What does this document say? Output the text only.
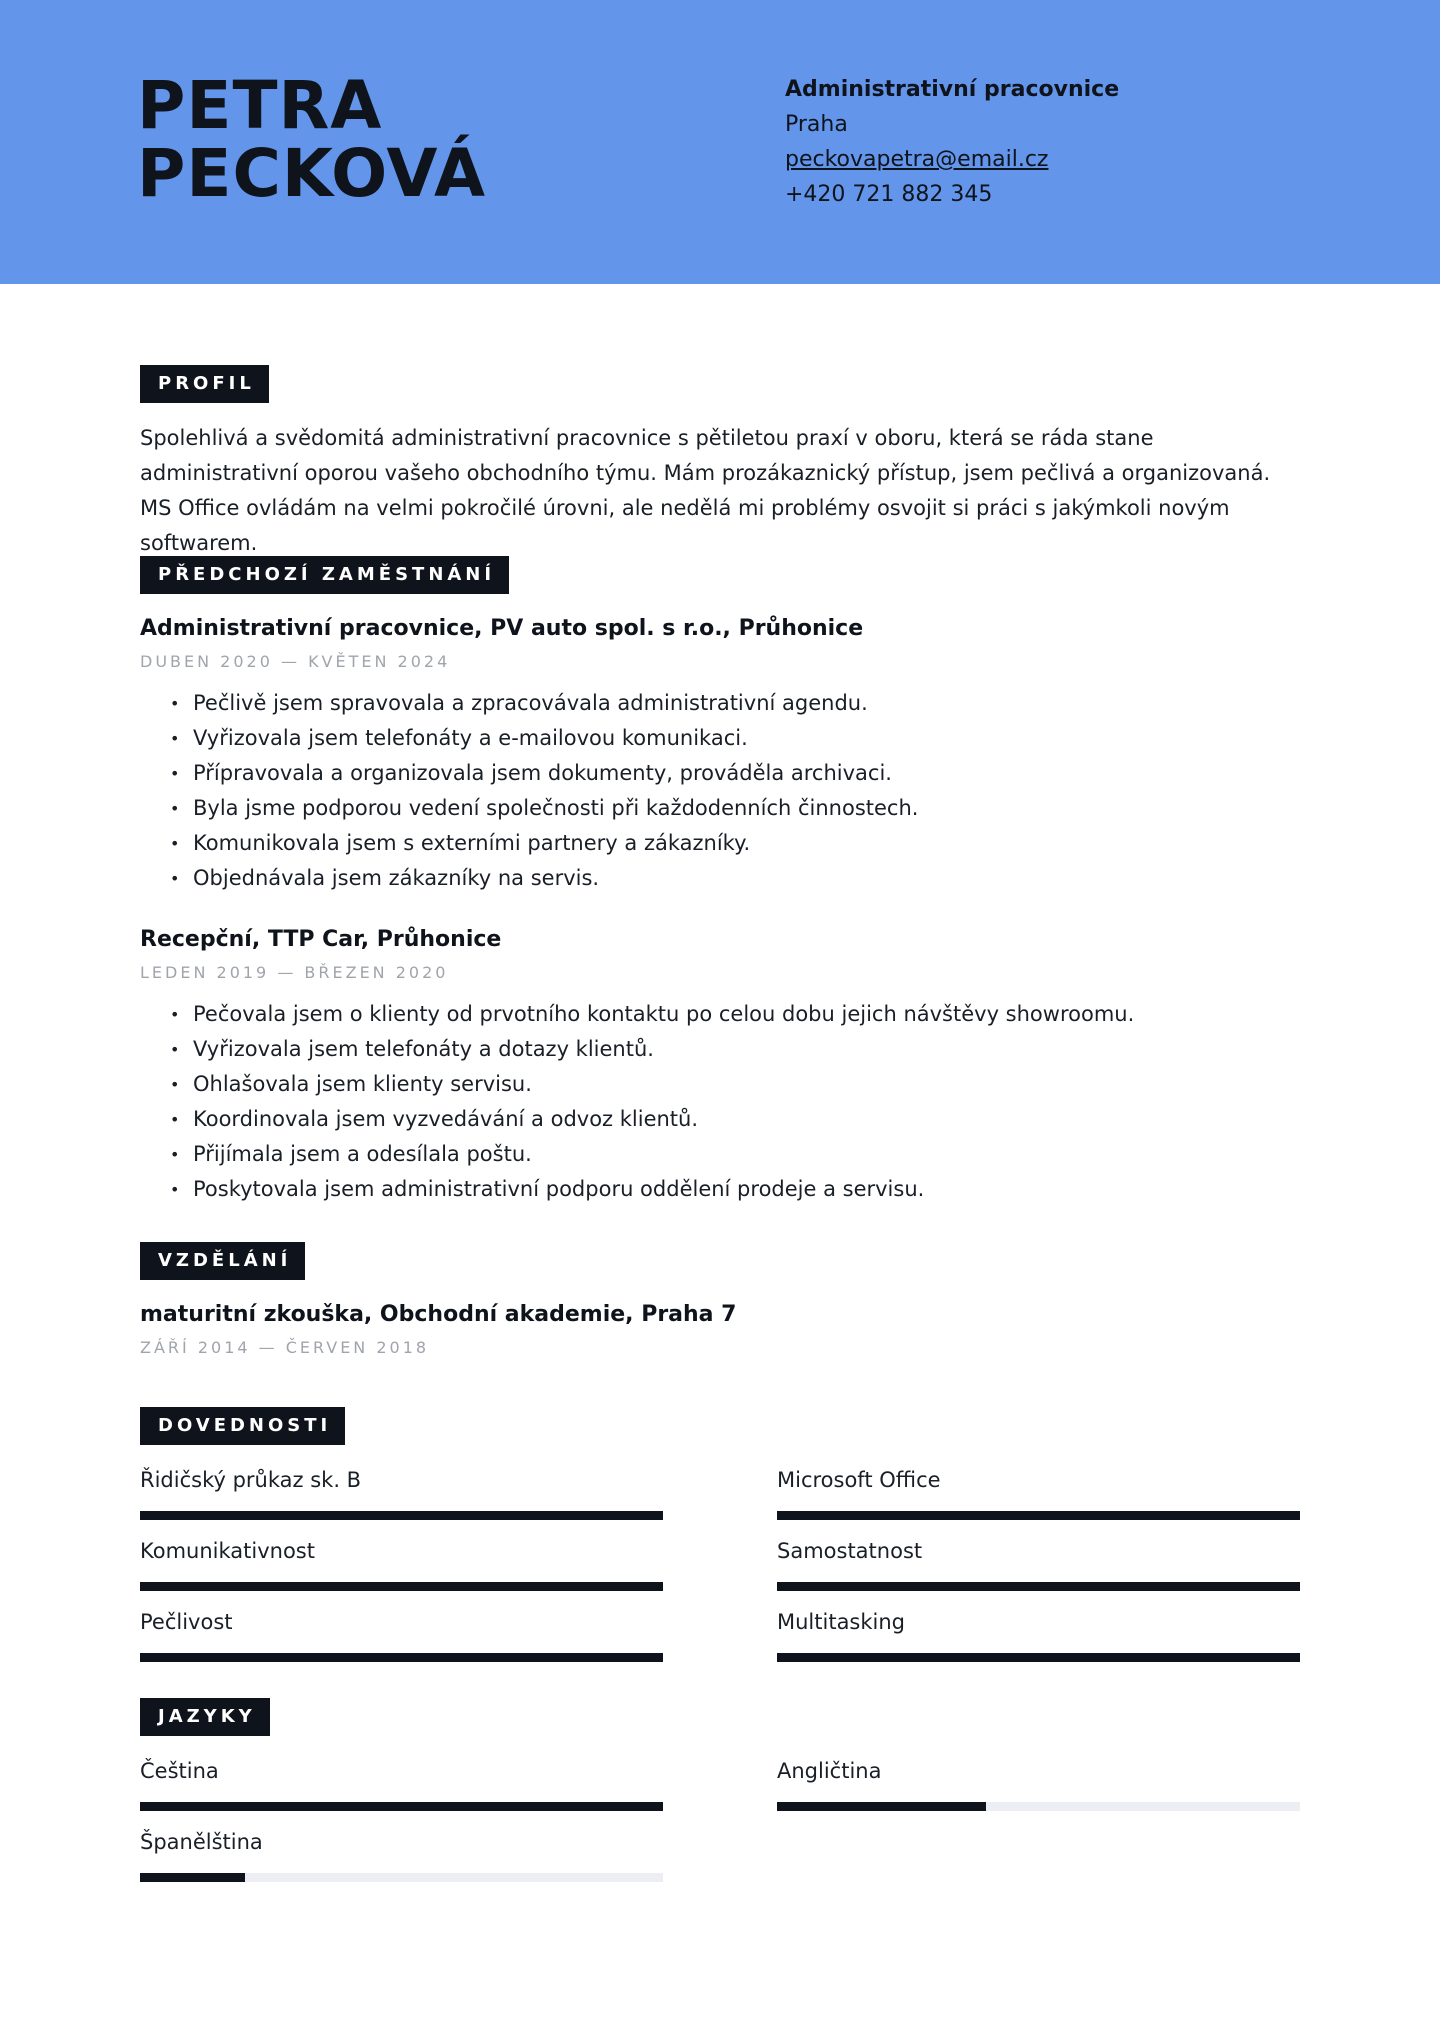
PETRA
PECKOVÁ
Administrativní pracovnice
Praha
peckovapetra@email.cz
+420 721 882 345
PROFIL
Spolehlivá a svědomitá administrativní pracovnice s pětiletou praxí v oboru, která se ráda stane administrativní oporou vašeho obchodního týmu. Mám prozákaznický přístup, jsem pečlivá a organizovaná. MS Office ovládám na velmi pokročilé úrovni, ale nedělá mi problémy osvojit si práci s jakýmkoli novým softwarem.
PŘEDCHOZÍ ZAMĚSTNÁNÍ
Administrativní pracovnice, PV auto spol. s r.o., Průhonice
DUBEN 2020 — KVĚTEN 2024
• Pečlivě jsem spravovala a zpracovávala administrativní agendu.
• Vyřizovala jsem telefonáty a e-mailovou komunikaci.
• Přípravovala a organizovala jsem dokumenty, prováděla archivaci.
• Byla jsme podporou vedení společnosti při každodenních činnostech.
• Komunikovala jsem s externími partnery a zákazníky.
• Objednávala jsem zákazníky na servis.
Recepční, TTP Car, Průhonice
LEDEN 2019 — BŘEZEN 2020
• Pečovala jsem o klienty od prvotního kontaktu po celou dobu jejich návštěvy showroomu.
• Vyřizovala jsem telefonáty a dotazy klientů.
• Ohlašovala jsem klienty servisu.
• Koordinovala jsem vyzvedávání a odvoz klientů.
• Přijímala jsem a odesílala poštu.
• Poskytovala jsem administrativní podporu oddělení prodeje a servisu.
VZDĚLÁNÍ
maturitní zkouška, Obchodní akademie, Praha 7
ZÁŘÍ 2014 — ČERVEN 2018
DOVEDNOSTI
Řidičský průkaz sk. B	Microsoft Office
Komunikativnost	Samostatnost
Pečlivost	Multitasking
JAZYKY
Čeština	Angličtina
Španělština
